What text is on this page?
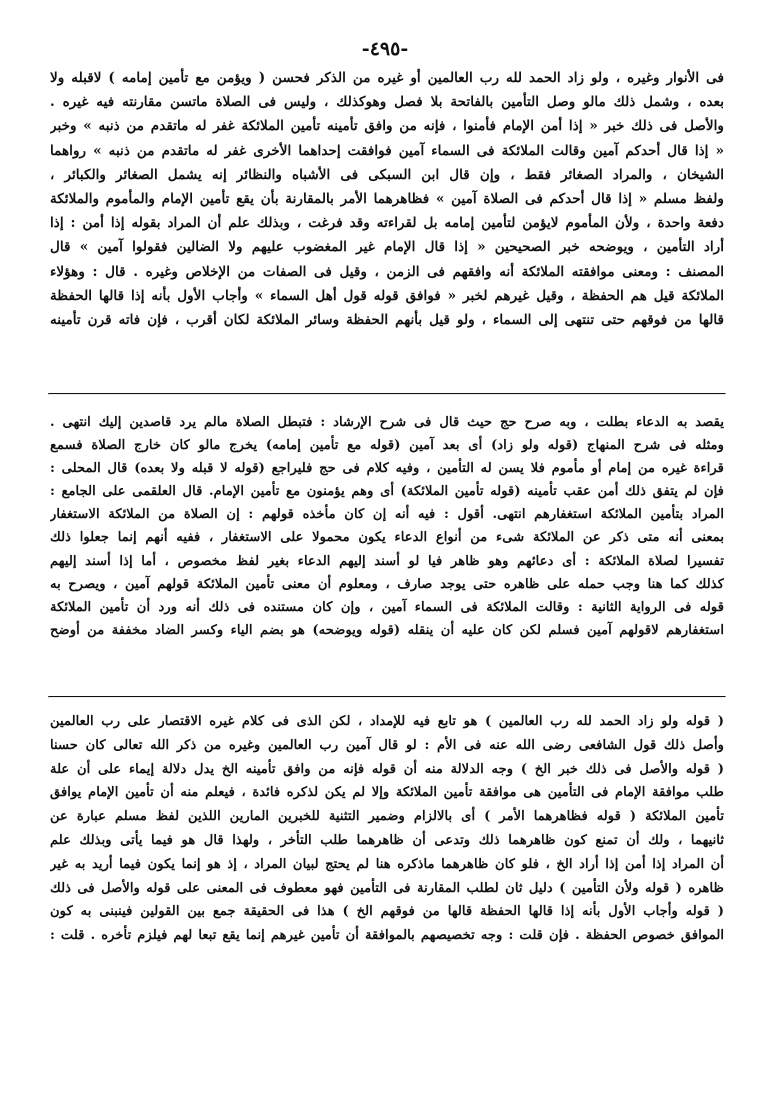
-٤٩٥-
فى الأنوار وغيره ، ولو زاد الحمد لله رب العالمين أو غيره من الذكر فحسن ( ويؤمن مع تأمين إمامه ) لاقبله ولا
بعده ، وشمل ذلك مالو وصل التأمين بالفاتحة بلا فصل وهوكذلك ، وليس فى الصلاة ماتسن مقارنته فيه غيره .
والأصل فى ذلك خبر « إذا أمن الإمام فأمنوا ، فإنه من وافق تأمينه تأمين الملائكة غفر له ماتقدم من ذنبه » وخبر
« إذا قال أحدكم آمين وقالت الملائكة فى السماء آمين فوافقت إحداهما الأخرى غفر له ماتقدم من ذنبه » رواهما
الشيخان ، والمراد الصغائر فقط ، وإن قال ابن السبكى فى الأشباه والنظائر إنه يشمل الصغائر والكبائر ،
ولفظ مسلم « إذا قال أحدكم فى الصلاة آمين » فظاهرهما الأمر بالمقارنة بأن يقع تأمين الإمام والمأموم والملائكة
دفعة واحدة ، ولأن المأموم لايؤمن لتأمين إمامه بل لقراءته وقد فرغت ، وبذلك علم أن المراد بقوله إذا أمن : إذا
أراد التأمين ، ويوضحه خبر الصحيحين « إذا قال الإمام غير المغضوب عليهم ولا الضالين فقولوا آمين » قال
المصنف : ومعنى موافقته الملائكة أنه وافقهم فى الزمن ، وقيل فى الصفات من الإخلاص وغيره . قال : وهؤلاء
الملائكة قيل هم الحفظة ، وقيل غيرهم لخبر « فوافق قوله قول أهل السماء » وأجاب الأول بأنه إذا قالها الحفظة
قالها من فوقهم حتى تنتهى إلى السماء ، ولو قيل بأنهم الحفظة وسائر الملائكة لكان أقرب ، فإن فاته قرن تأمينه
يقصد به الدعاء بطلت ، وبه صرح حج حيث قال فى شرح الإرشاد : فتبطل الصلاة مالم يرد قاصدين إليك انتهى .
ومثله فى شرح المنهاج (قوله ولو زاد) أى بعد آمين (قوله مع تأمين إمامه) يخرج مالو كان خارج الصلاة فسمع
قراءة غيره من إمام أو مأموم فلا يسن له التأمين ، وفيه كلام فى حج فليراجع (قوله لا قبله ولا بعده) قال المحلى :
فإن لم يتفق ذلك أمن عقب تأمينه (قوله تأمين الملائكة) أى وهم يؤمنون مع تأمين الإمام. قال العلقمى على الجامع :
المراد بتأمين الملائكة استغفارهم انتهى. أقول : فيه أنه إن كان مأخذه قولهم : إن الصلاة من الملائكة الاستغفار
بمعنى أنه متى ذكر عن الملائكة شىء من أنواع الدعاء يكون محمولا على الاستغفار ، ففيه أنهم إنما جعلوا ذلك
تفسيرا لصلاة الملائكة : أى دعائهم وهو ظاهر فيا لو أسند إليهم الدعاء بغير لفظ مخصوص ، أما إذا أسند إليهم
كذلك كما هنا وجب حمله على ظاهره حتى يوجد صارف ، ومعلوم أن معنى تأمين الملائكة قولهم آمين ، ويصرح به
قوله فى الرواية الثانية : وقالت الملائكة فى السماء آمين ، وإن كان مستنده فى ذلك أنه ورد أن تأمين الملائكة
استغفارهم لاقولهم آمين فسلم لكن كان عليه أن ينقله (قوله ويوضحه) هو بضم الياء وكسر الضاد مخففة من أوضح
( قوله ولو زاد الحمد لله رب العالمين ) هو تابع فيه للإمداد ، لكن الذى فى كلام غيره الاقتصار على رب العالمين
وأصل ذلك قول الشافعى رضى الله عنه فى الأم : لو قال آمين رب العالمين وغيره من ذكر الله تعالى كان حسنا
( قوله والأصل فى ذلك خبر الخ ) وجه الدلالة منه أن قوله فإنه من وافق تأمينه الخ يدل دلالة إيماء على أن علة
طلب موافقة الإمام فى التأمين هى موافقة تأمين الملائكة وإلا لم يكن لذكره فائدة ، فيعلم منه أن تأمين الإمام يوافق
تأمين الملائكة ( قوله فظاهرهما الأمر ) أى بالالزام وضمير التثنية للخبرين المارين اللذين لفظ مسلم عبارة عن
ثانيهما ، ولك أن تمنع كون ظاهرهما ذلك وتدعى أن ظاهرهما طلب التأخر ، ولهذا قال هو فيما يأتى وبذلك علم
أن المراد إذا أمن إذا أراد الخ ، فلو كان ظاهرهما ماذكره هنا لم يحتج لبيان المراد ، إذ هو إنما يكون فيما أريد به غير
ظاهره ( قوله ولأن التأمين ) دليل ثان لطلب المقارنة فى التأمين فهو معطوف فى المعنى على قوله والأصل فى ذلك
( قوله وأجاب الأول بأنه إذا قالها الحفظة قالها من فوقهم الخ ) هذا فى الحقيقة جمع بين القولين فينبنى به كون
الموافق خصوص الحفظة . فإن قلت : وجه تخصيصهم بالموافقة أن تأمين غيرهم إنما يقع تبعا لهم فيلزم تأخره . قلت :
